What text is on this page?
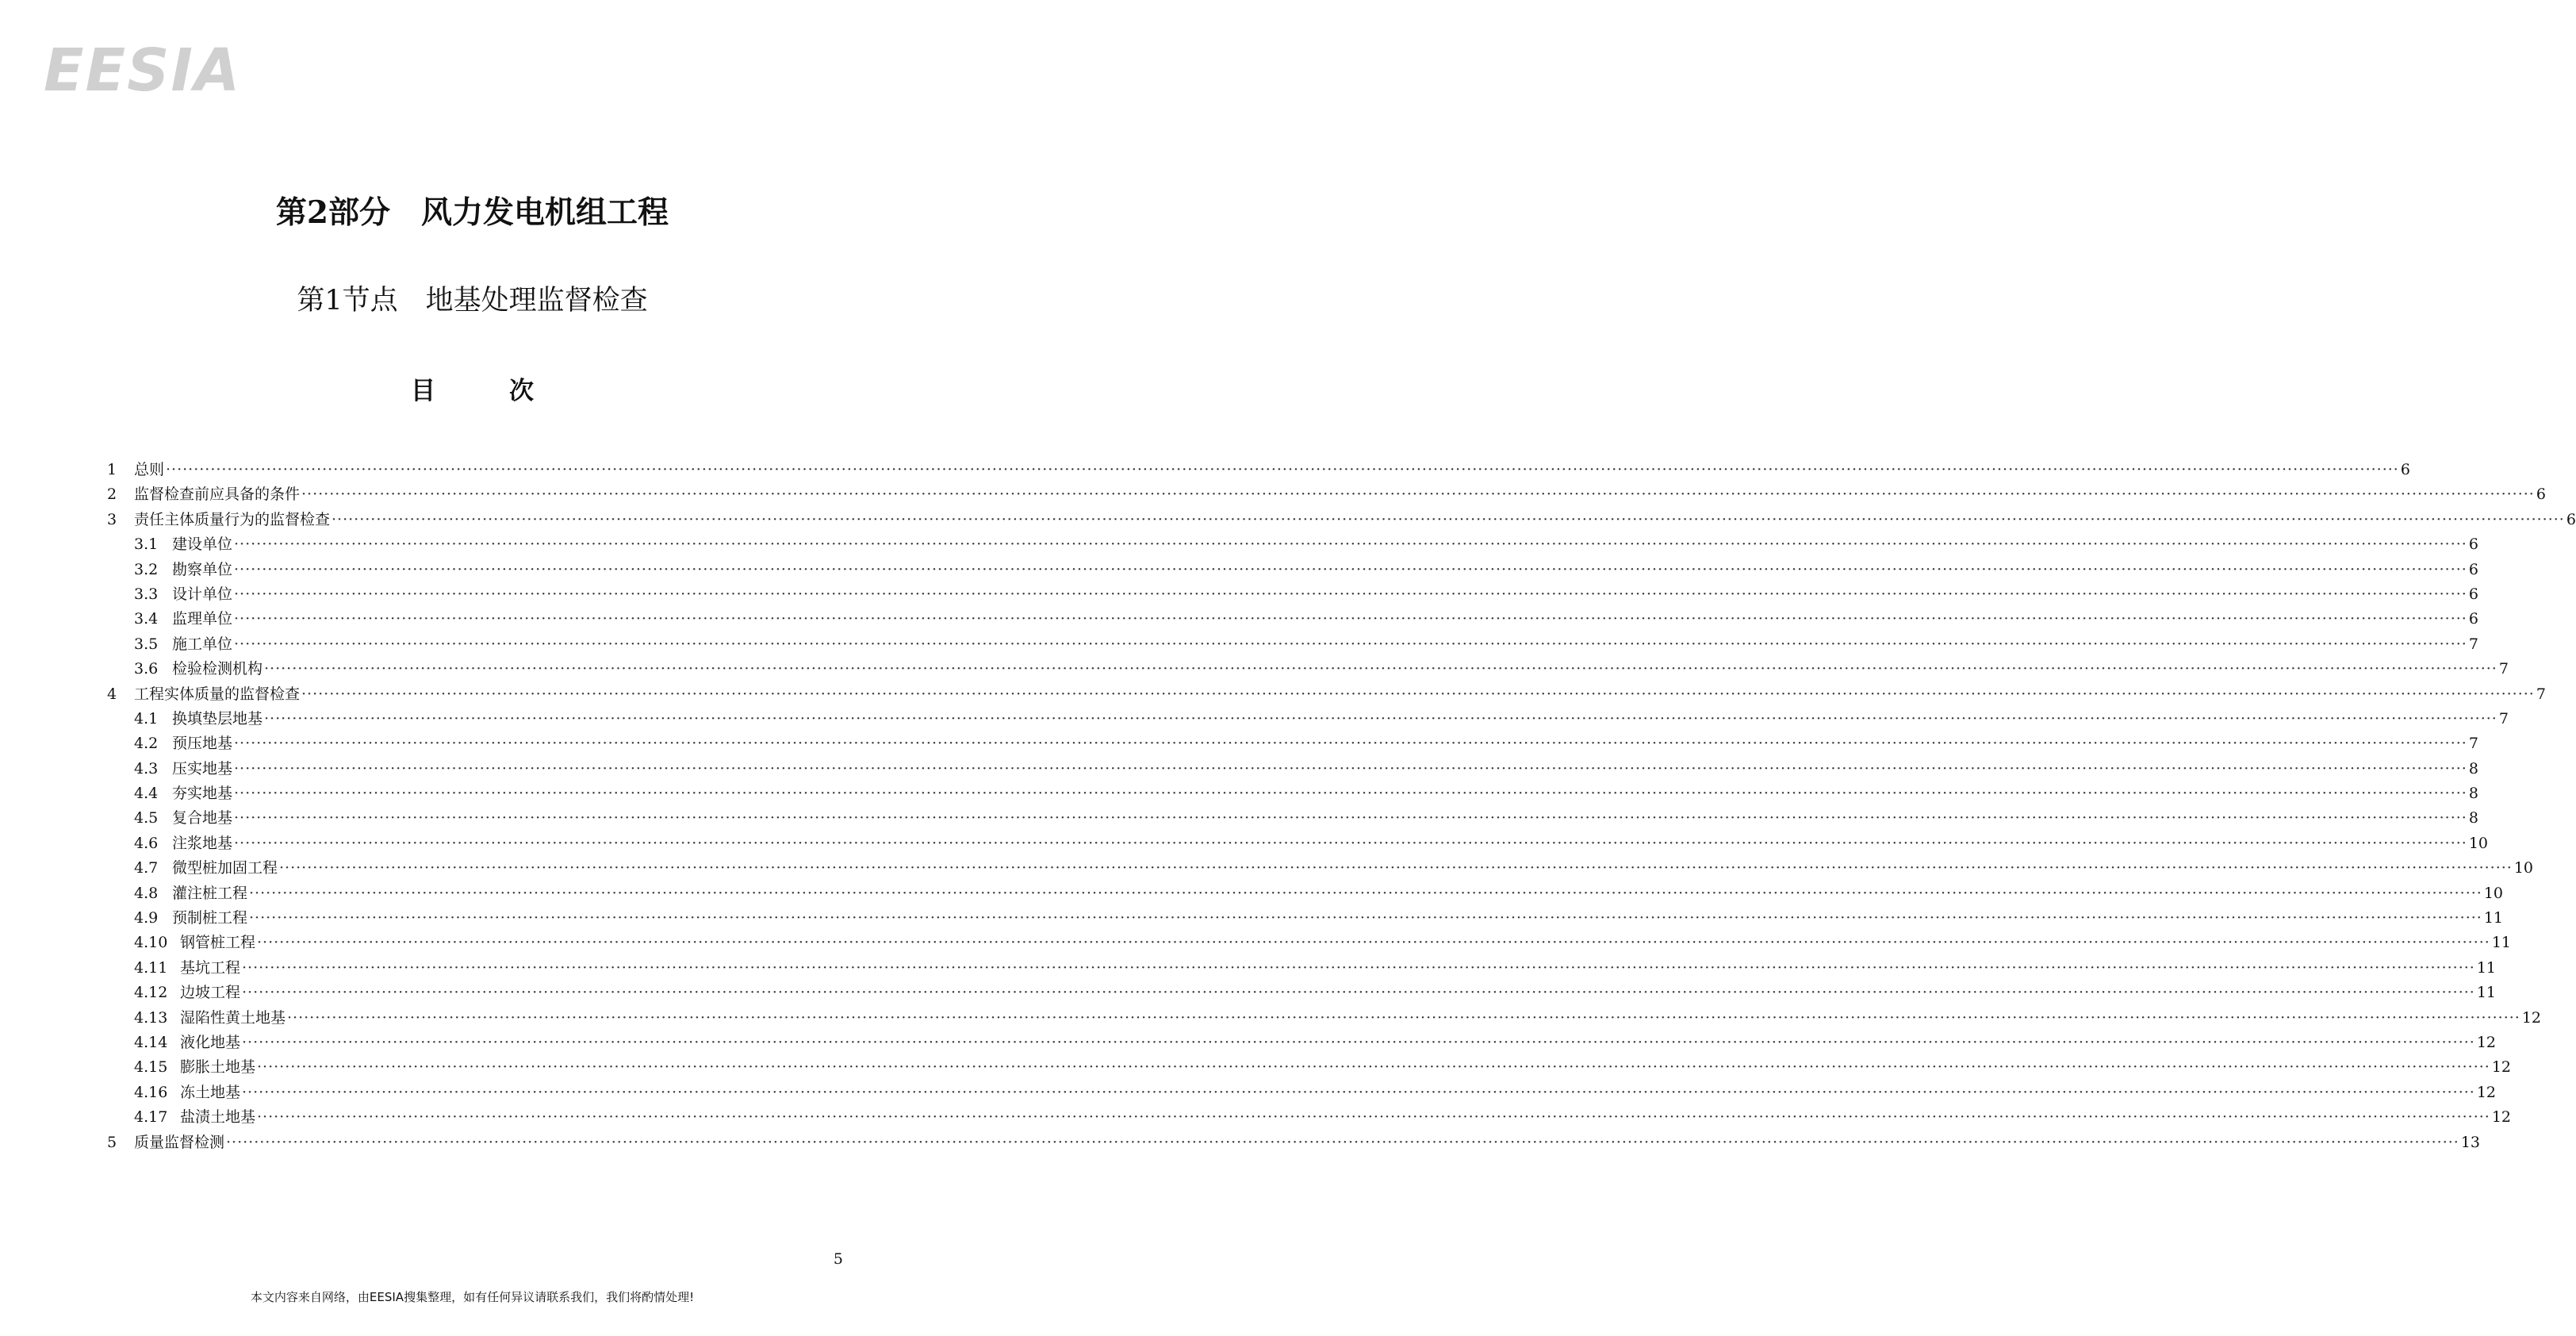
EESIA
第2部分　风力发电机组工程
第1节点　地基处理监督检查
目　　　次
1	总则 ················································································································································································································································································································································································································ 6
2	监督检查前应具备的条件 ················································································································································································································································································································································································································ 6
3	责任主体质量行为的监督检查 ················································································································································································································································································································································································································ 6
3.1 建设单位 ················································································································································································································································································································································································································ 6
3.2 勘察单位 ················································································································································································································································································································································································································ 6
3.3 设计单位 ················································································································································································································································································································································································································ 6
3.4 监理单位 ················································································································································································································································································································································································································ 6
3.5 施工单位 ················································································································································································································································································································································································································ 7
3.6 检验检测机构 ················································································································································································································································································································································································································ 7
4	工程实体质量的监督检查 ················································································································································································································································································································································································································ 7
4.1 换填垫层地基 ················································································································································································································································································································································································································ 7
4.2 预压地基 ················································································································································································································································································································································································································ 7
4.3 压实地基 ················································································································································································································································································································································································································ 8
4.4 夯实地基 ················································································································································································································································································································································································································ 8
4.5 复合地基 ················································································································································································································································································································································································································ 8
4.6 注浆地基 ················································································································································································································································································································································································································ 10
4.7 微型桩加固工程 ················································································································································································································································································································································································································ 10
4.8 灌注桩工程 ················································································································································································································································································································································································································ 10
4.9 预制桩工程 ················································································································································································································································································································································································································ 11
4.10 钢管桩工程 ················································································································································································································································································································································································································ 11
4.11 基坑工程 ················································································································································································································································································································································································································ 11
4.12 边坡工程 ················································································································································································································································································································································································································ 11
4.13 湿陷性黄土地基 ················································································································································································································································································································································································································ 12
4.14 液化地基 ················································································································································································································································································································································································································ 12
4.15 膨胀土地基 ················································································································································································································································································································································································································ 12
4.16 冻土地基 ················································································································································································································································································································································································································ 12
4.17 盐渍土地基 ················································································································································································································································································································································································································ 12
5	质量监督检测 ················································································································································································································································································································································································································ 13
5
本文内容来自网络，由EESIA搜集整理，如有任何异议请联系我们，我们将酌情处理!
